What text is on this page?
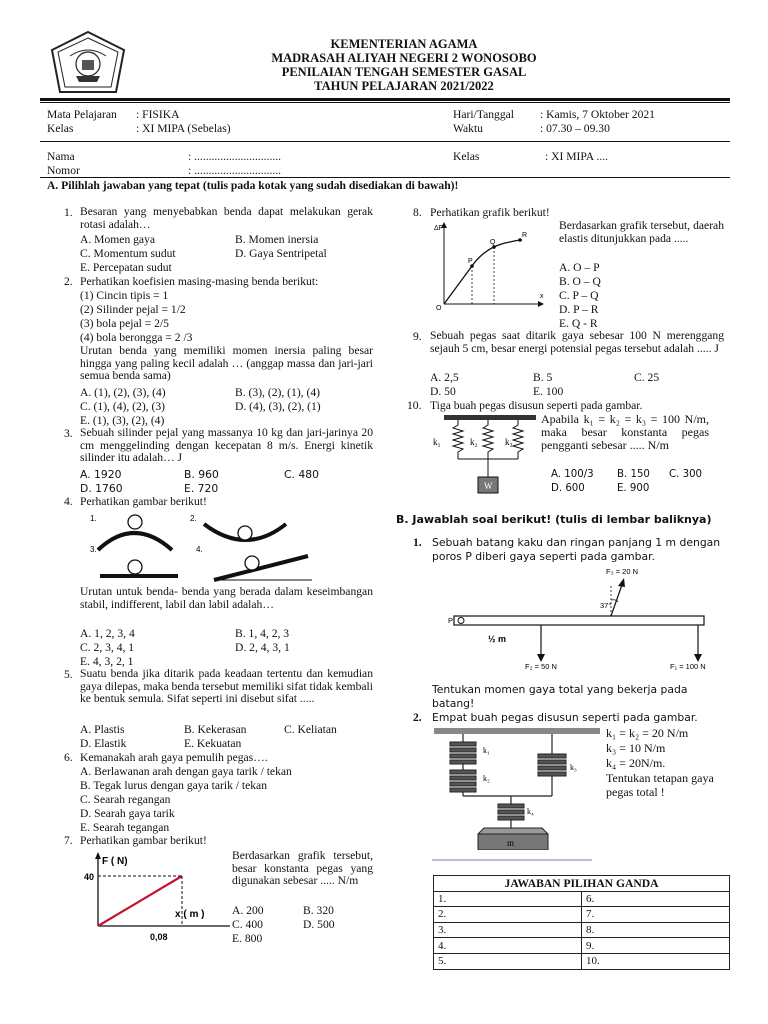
KEMENTERIAN AGAMA
MADRASAH ALIYAH NEGERI 2 WONOSOBO
PENILAIAN TENGAH SEMESTER GASAL
TAHUN PELAJARAN 2021/2022
Mata Pelajaran : FISIKA
Kelas	: XI MIPA (Sebelas)
Hari/Tanggal : Kamis, 7 Oktober 2021
Waktu	: 07.30 – 09.30
Nama	: ..............................
Nomor	: ..............................
Kelas	: XI MIPA ....
A. Pilihlah jawaban yang tepat (tulis pada kotak yang sudah disediakan di bawah)!
1. Besaran yang menyebabkan benda dapat melakukan gerak rotasi adalah…
A. Momen gaya	B. Momen inersia
C. Momentum sudut	D. Gaya Sentripetal
E. Percepatan sudut
2. Perhatikan koefisien masing-masing benda berikut:
(1) Cincin tipis = 1
(2) Silinder pejal = 1/2
(3) bola pejal = 2/5
(4) bola berongga = 2 /3
Urutan benda yang memiliki momen inersia paling besar hingga yang paling kecil adalah … (anggap massa dan jari-jari semua benda sama)
A. (1), (2), (3), (4)	B. (3), (2), (1), (4)
C. (1), (4), (2), (3)	D. (4), (3), (2), (1)
E. (1), (3), (2), (4)
3. Sebuah silinder pejal yang massanya 10 kg dan jari-jarinya 20 cm menggelinding dengan kecepatan 8 m/s. Energi kinetik silinder itu adalah… J
A. 1920	B. 960	C. 480
D. 1760	E. 720
4. Perhatikan gambar berikut!
1.	2.
3.	4.
Urutan untuk benda- benda yang berada dalam keseimbangan stabil, indifferent, labil dan labil adalah…
A. 1, 2, 3, 4	B. 1, 4, 2, 3
C. 2, 3, 4, 1	D. 2, 4, 3, 1
E. 4, 3, 2, 1
5. Suatu benda jika ditarik pada keadaan tertentu dan kemudian gaya dilepas, maka benda tersebut memiliki sifat tidak kembali ke bentuk semula. Sifat seperti ini disebut sifat .....
A. Plastis	B. Kekerasan	C. Keliatan
D. Elastik	E. Kekuatan
6. Kemanakah arah gaya pemulih pegas….
A. Berlawanan arah dengan gaya tarik / tekan
B. Tegak lurus dengan gaya tarik / tekan
C. Searah regangan
D. Searah gaya tarik
E. Searah tegangan
7. Perhatikan gambar berikut!
F ( N)
40
x ( m )
0,08
Berdasarkan grafik tersebut, besar konstanta pegas yang digunakan sebesar ..... N/m
A. 200	B. 320
C. 400	D. 500
E. 800
8. Perhatikan grafik berikut!
ΔF
x
O
P
Q
R
Berdasarkan grafik tersebut, daerah elastis ditunjukkan pada .....
A. O – P
B. O – Q
C. P – Q
D. P – R
E. Q - R
9. Sebuah pegas saat ditarik gaya sebesar 100 N merenggang sejauh 5 cm, besar energi potensial pegas tersebut adalah ..... J
A. 2,5	B. 5	C. 25
D. 50	E. 100
10. Tiga buah pegas disusun seperti pada gambar.
k₁	k₂	k₃
W
Apabila k₁ = k₂ = k₃ = 100 N/m, maka besar konstanta pegas pengganti sebesar ..... N/m
A. 100/3 B. 150 C. 300
D. 600	E. 900
B. Jawablah soal berikut! (tulis di lembar baliknya)
1. Sebuah batang kaku dan ringan panjang 1 m dengan poros P diberi gaya seperti pada gambar.
F₃ = 20 N
37°
P
½ m
F₂ = 50 N	F₁ = 100 N
Tentukan momen gaya total yang bekerja pada batang!
2. Empat buah pegas disusun seperti pada gambar.
k₁
k₂
k₃
k₄
m
k₁ = k₂ = 20 N/m
k₃ = 10 N/m
k₄ = 20N/m.
Tentukan tetapan gaya pegas total !
JAWABAN PILIHAN GANDA	
1.	6.
2.	7.
3.	8.
4.	9.
5.	10.
